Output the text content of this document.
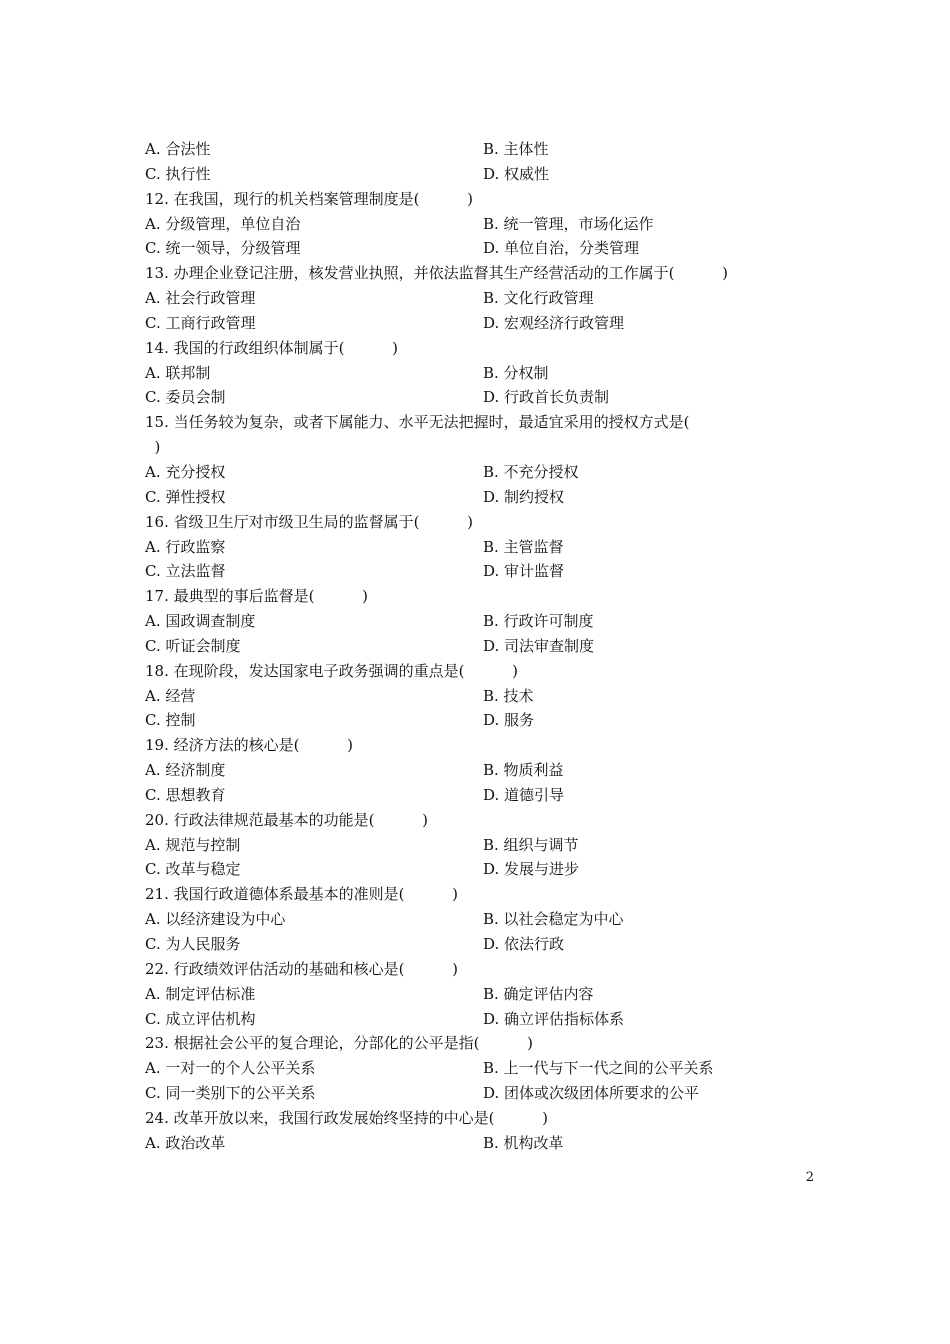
A. 合法性	B. 主体性
C. 执行性	D. 权威性
12. 在我国，现行的机关档案管理制度是(          )
A. 分级管理，单位自治	B. 统一管理，市场化运作
C. 统一领导，分级管理	D. 单位自治，分类管理
13. 办理企业登记注册，核发营业执照，并依法监督其生产经营活动的工作属于(          )
A. 社会行政管理	B. 文化行政管理
C. 工商行政管理	D. 宏观经济行政管理
14. 我国的行政组织体制属于(          )
A. 联邦制	B. 分权制
C. 委员会制	D. 行政首长负责制
15. 当任务较为复杂，或者下属能力、水平无法把握时，最适宜采用的授权方式是(
)
A. 充分授权	B. 不充分授权
C. 弹性授权	D. 制约授权
16. 省级卫生厅对市级卫生局的监督属于(          )
A. 行政监察	B. 主管监督
C. 立法监督	D. 审计监督
17. 最典型的事后监督是(          )
A. 国政调查制度	B. 行政许可制度
C. 听证会制度	D. 司法审查制度
18. 在现阶段，发达国家电子政务强调的重点是(          )
A. 经营	B. 技术
C. 控制	D. 服务
19. 经济方法的核心是(          )
A. 经济制度	B. 物质利益
C. 思想教育	D. 道德引导
20. 行政法律规范最基本的功能是(          )
A. 规范与控制	B. 组织与调节
C. 改革与稳定	D. 发展与进步
21. 我国行政道德体系最基本的准则是(          )
A. 以经济建设为中心	B. 以社会稳定为中心
C. 为人民服务	D. 依法行政
22. 行政绩效评估活动的基础和核心是(          )
A. 制定评估标准	B. 确定评估内容
C. 成立评估机构	D. 确立评估指标体系
23. 根据社会公平的复合理论，分部化的公平是指(          )
A. 一对一的个人公平关系	B. 上一代与下一代之间的公平关系
C. 同一类别下的公平关系	D. 团体或次级团体所要求的公平
24. 改革开放以来，我国行政发展始终坚持的中心是(          )
A. 政治改革	B. 机构改革
2
